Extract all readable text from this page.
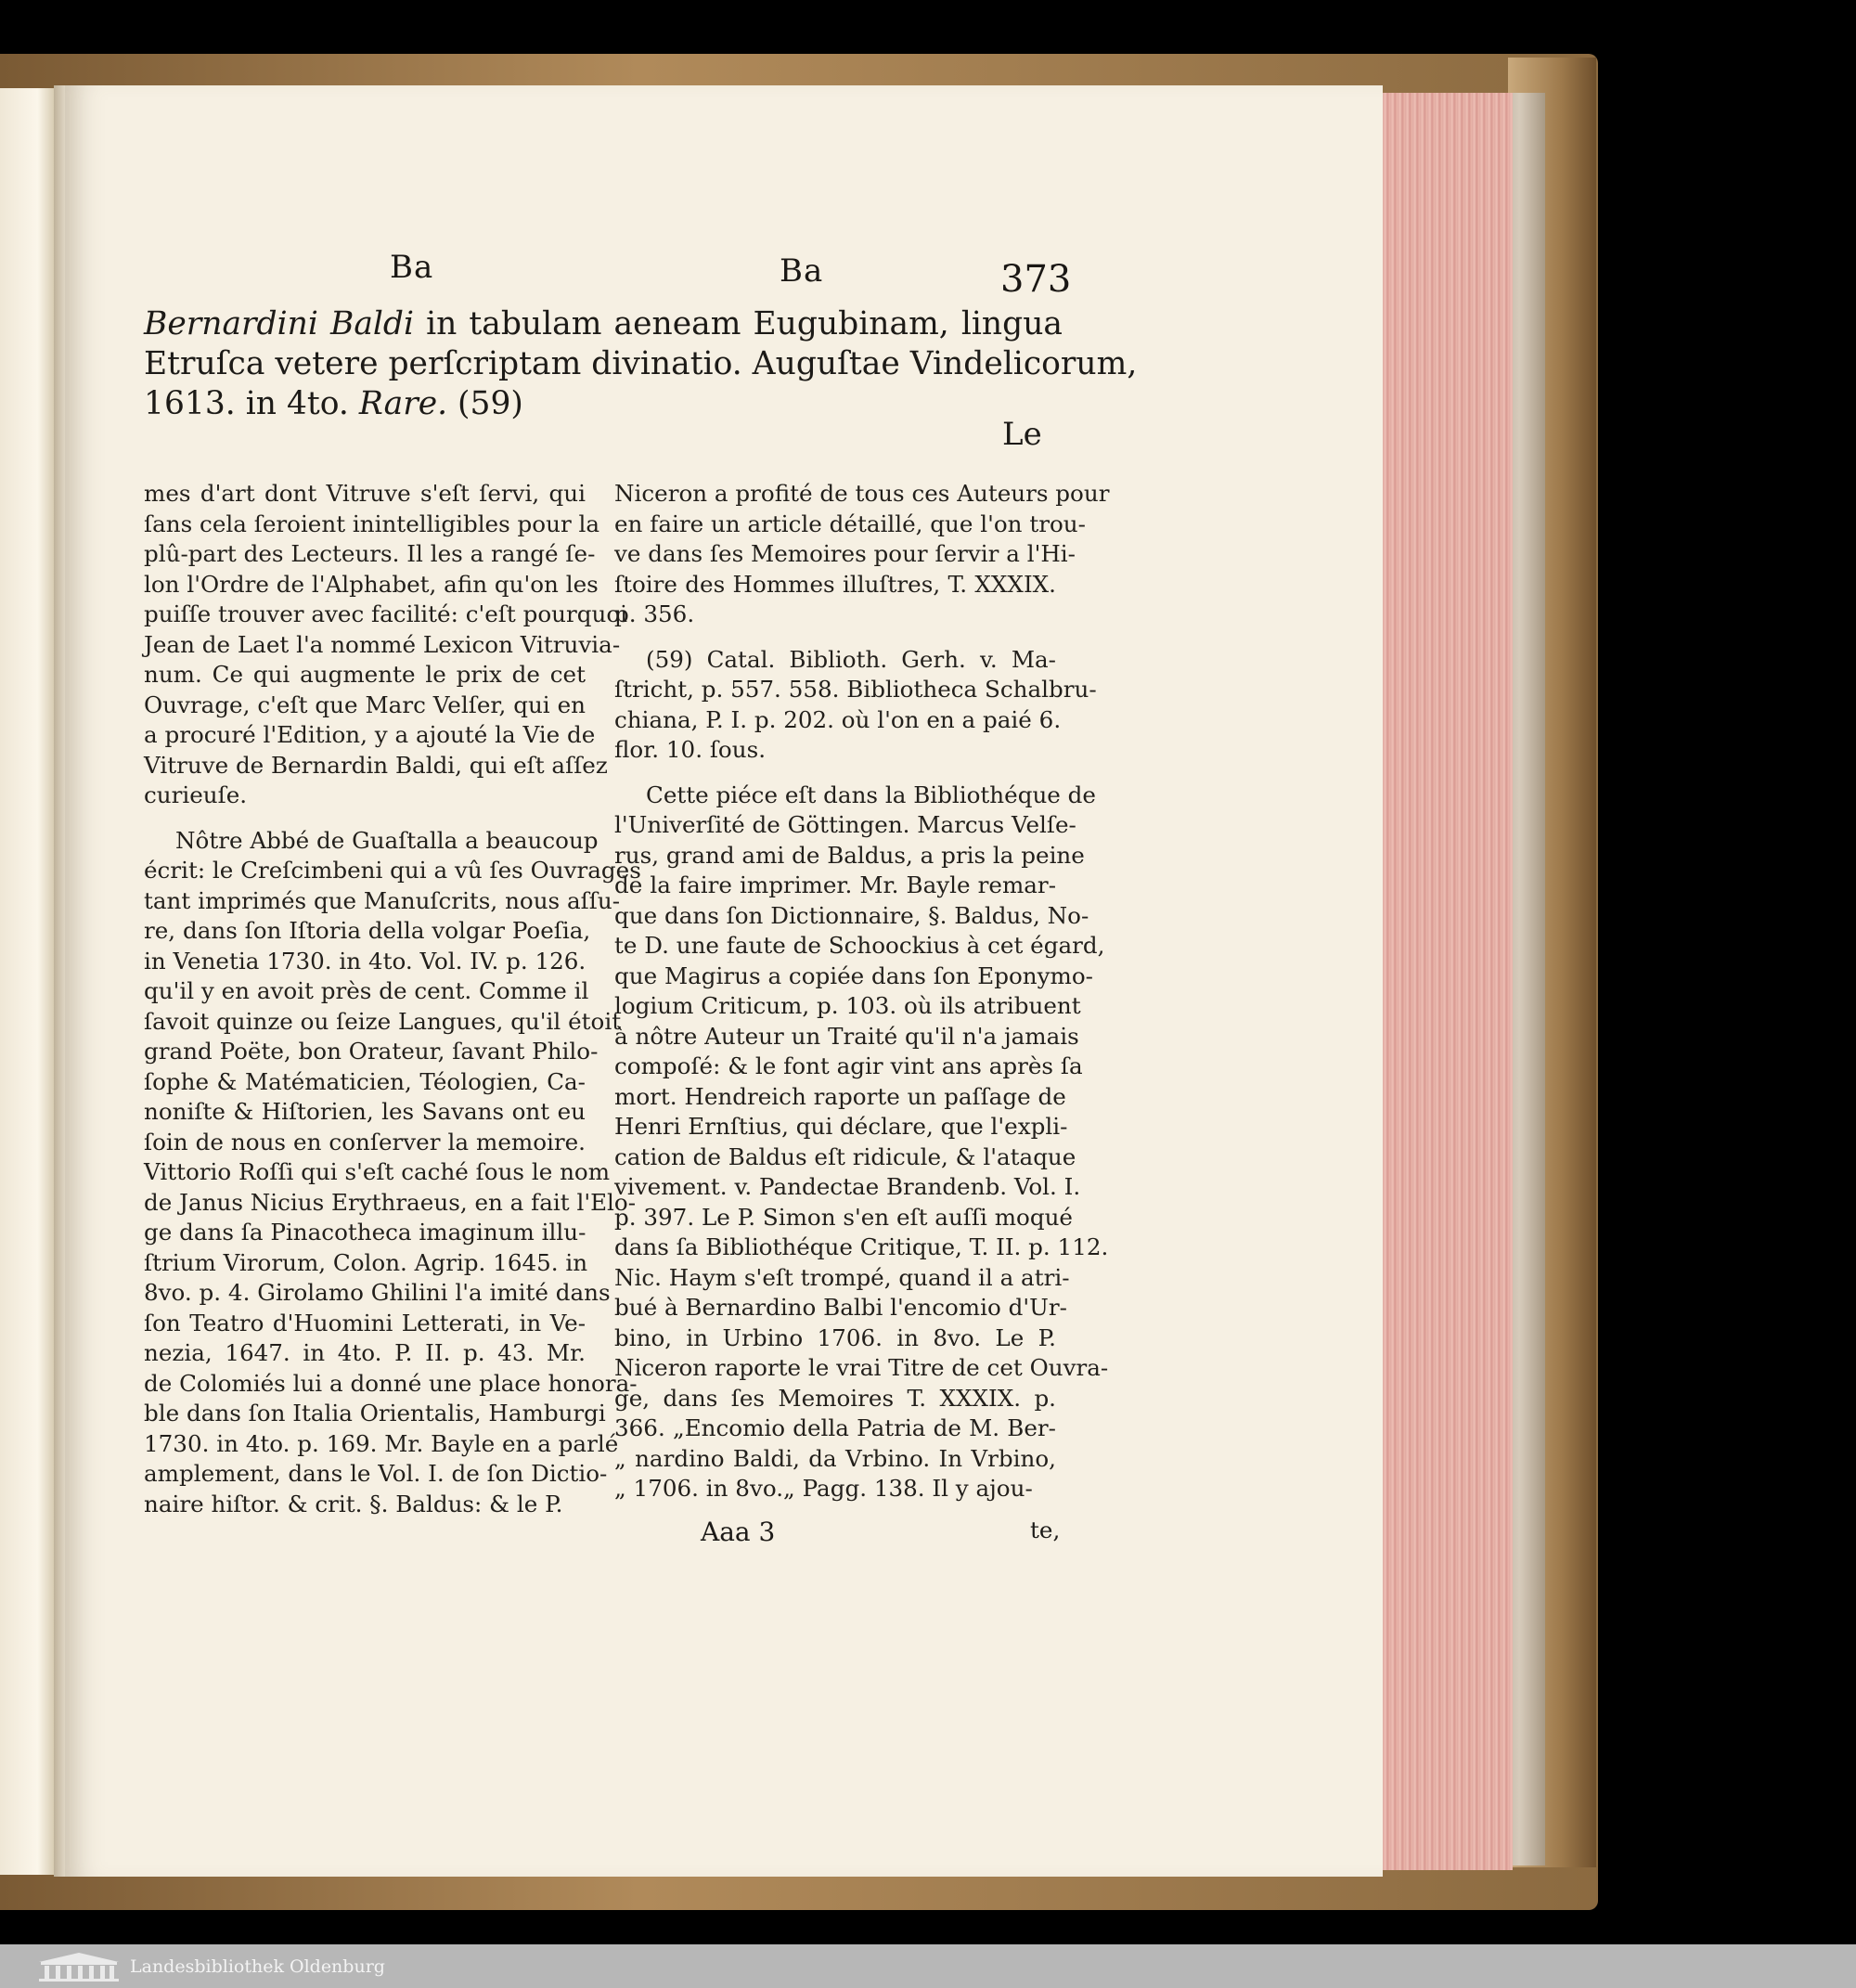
Ba	Ba	373
Bernardini Baldi in tabulam aeneam Eugubinam, lingua
Etruſca vetere perſcriptam divinatio. Auguſtae Vindelicorum,
1613. in 4to. Rare. (59)
Le
mes d'art dont Vitruve s'eſt ſervi, qui
ſans cela ſeroient inintelligibles pour la
plû-part des Lecteurs. Il les a rangé ſe-
lon l'Ordre de l'Alphabet, afin qu'on les
puiſſe trouver avec facilité: c'eſt pourquoi
Jean de Laet l'a nommé Lexicon Vitruvia-
num. Ce qui augmente le prix de cet
Ouvrage, c'eſt que Marc Velſer, qui en
a procuré l'Edition, y a ajouté la Vie de
Vitruve de Bernardin Baldi, qui eſt aſſez
curieuſe.
Nôtre Abbé de Guaſtalla a beaucoup
écrit: le Creſcimbeni qui a vû ſes Ouvrages
tant imprimés que Manuſcrits, nous aſſu-
re, dans ſon Iſtoria della volgar Poeſia,
in Venetia 1730. in 4to. Vol. IV. p. 126.
qu'il y en avoit près de cent. Comme il
ſavoit quinze ou ſeize Langues, qu'il étoit
grand Poëte, bon Orateur, ſavant Philo-
ſophe & Matématicien, Téologien, Ca-
noniſte & Hiſtorien, les Savans ont eu
ſoin de nous en conſerver la memoire.
Vittorio Roſſi qui s'eſt caché ſous le nom
de Janus Nicius Erythraeus, en a fait l'Elo-
ge dans ſa Pinacotheca imaginum illu-
ſtrium Virorum, Colon. Agrip. 1645. in
8vo. p. 4. Girolamo Ghilini l'a imité dans
ſon Teatro d'Huomini Letterati, in Ve-
nezia, 1647. in 4to. P. II. p. 43. Mr.
de Colomiés lui a donné une place honora-
ble dans ſon Italia Orientalis, Hamburgi
1730. in 4to. p. 169. Mr. Bayle en a parlé
amplement, dans le Vol. I. de ſon Dictio-
naire hiſtor. & crit. §. Baldus: & le P.
Niceron a profité de tous ces Auteurs pour
en faire un article détaillé, que l'on trou-
ve dans ſes Memoires pour ſervir a l'Hi-
ſtoire des Hommes illuſtres, T. XXXIX.
p. 356.
(59) Catal. Biblioth. Gerh. v. Ma-
ſtricht, p. 557. 558. Bibliotheca Schalbru-
chiana, P. I. p. 202. où l'on en a paié 6.
flor. 10. ſous.
Cette piéce eſt dans la Bibliothéque de
l'Univerſité de Göttingen. Marcus Velſe-
rus, grand ami de Baldus, a pris la peine
de la faire imprimer. Mr. Bayle remar-
que dans ſon Dictionnaire, §. Baldus, No-
te D. une faute de Schoockius à cet égard,
que Magirus a copiée dans ſon Eponymo-
logium Criticum, p. 103. où ils atribuent
à nôtre Auteur un Traité qu'il n'a jamais
compoſé: & le font agir vint ans après ſa
mort. Hendreich raporte un paſſage de
Henri Ernſtius, qui déclare, que l'expli-
cation de Baldus eſt ridicule, & l'ataque
vivement. v. Pandectae Brandenb. Vol. I.
p. 397. Le P. Simon s'en eſt auſſi moqué
dans ſa Bibliothéque Critique, T. II. p. 112.
Nic. Haym s'eſt trompé, quand il a atri-
bué à Bernardino Balbi l'encomio d'Ur-
bino, in Urbino 1706. in 8vo. Le P.
Niceron raporte le vrai Titre de cet Ouvra-
ge, dans ſes Memoires T. XXXIX. p.
366. „Encomio della Patria de M. Ber-
„ nardino Baldi, da Vrbino. In Vrbino,
„ 1706. in 8vo.„ Pagg. 138. Il y ajou-
Aaa 3	te,
Landesbibliothek Oldenburg
